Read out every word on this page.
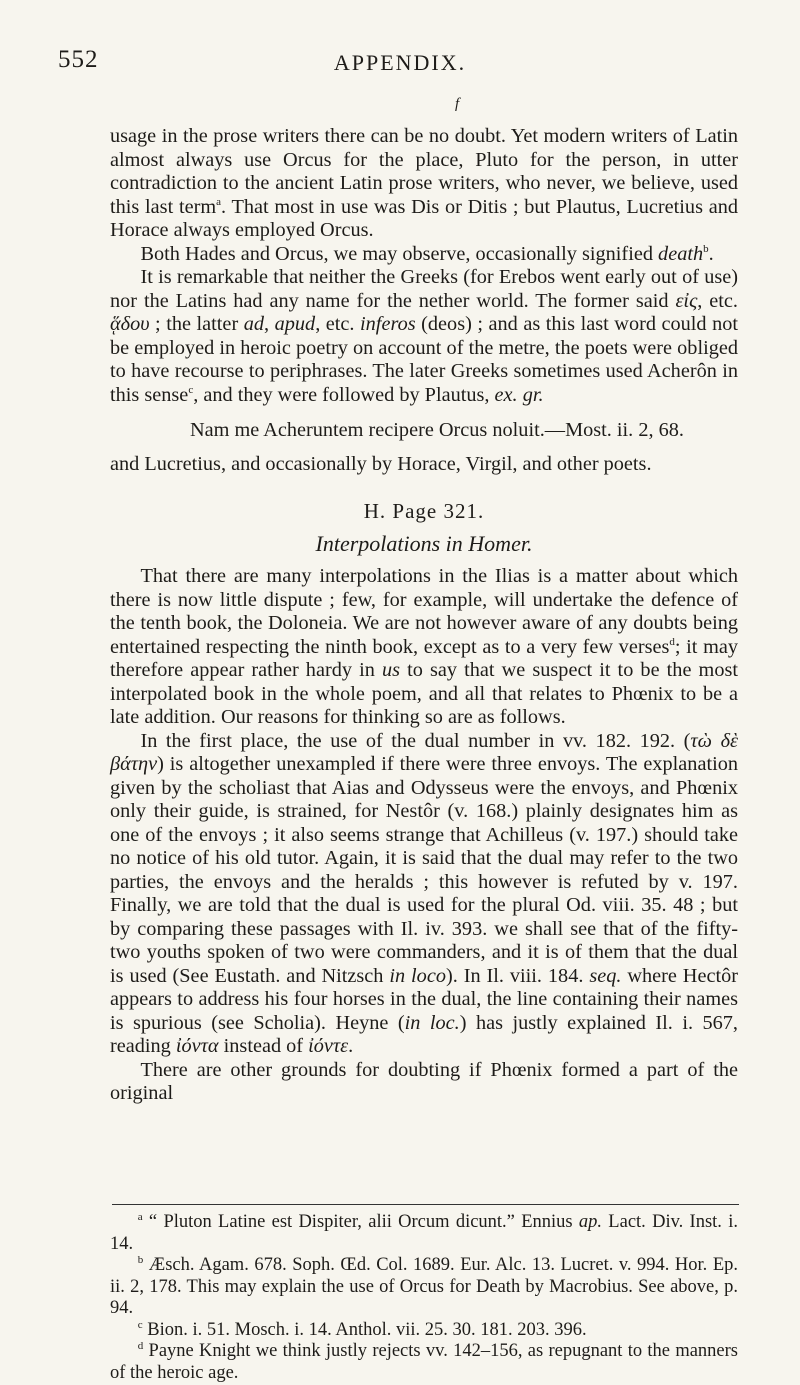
552	APPENDIX.
f

usage in the prose writers there can be no doubt. Yet modern writers of Latin almost always use Orcus for the place, Pluto for the person, in utter contradiction to the ancient Latin prose writers, who never, we believe, used this last term$^a$. That most in use was Dis or Ditis ; but Plautus, Lucretius and Horace always employed Orcus.

Both Hades and Orcus, we may observe, occasionally signified death$^b$.

It is remarkable that neither the Greeks (for Erebos went early out of use) nor the Latins had any name for the nether world. The former said εἰς, etc. ᾅδου ; the latter ad, apud, etc. inferos (deos) ; and as this last word could not be employed in heroic poetry on account of the metre, the poets were obliged to have recourse to periphrases. The later Greeks sometimes used Acherôn in this sense$^c$, and they were followed by Plautus, ex. gr.

Nam me Acheruntem recipere Orcus noluit.—Most. ii. 2, 68.

and Lucretius, and occasionally by Horace, Virgil, and other poets.

H. Page 321.

Interpolations in Homer.

That there are many interpolations in the Ilias is a matter about which there is now little dispute ; few, for example, will undertake the defence of the tenth book, the Doloneia. We are not however aware of any doubts being entertained respecting the ninth book, except as to a very few verses$^d$; it may therefore appear rather hardy in us to say that we suspect it to be the most interpolated book in the whole poem, and all that relates to Phœnix to be a late addition. Our reasons for thinking so are as follows.

In the first place, the use of the dual number in vv. 182. 192. (τὼ δὲ βάτην) is altogether unexampled if there were three envoys. The explanation given by the scholiast that Aias and Odysseus were the envoys, and Phœnix only their guide, is strained, for Nestôr (v. 168.) plainly designates him as one of the envoys ; it also seems strange that Achilleus (v. 197.) should take no notice of his old tutor. Again, it is said that the dual may refer to the two parties, the envoys and the heralds ; this however is refuted by v. 197. Finally, we are told that the dual is used for the plural Od. viii. 35. 48 ; but by comparing these passages with Il. iv. 393. we shall see that of the fifty-two youths spoken of two were commanders, and it is of them that the dual is used (See Eustath. and Nitzsch in loco). In Il. viii. 184. seq. where Hectôr appears to address his four horses in the dual, the line containing their names is spurious (see Scholia). Heyne (in loc.) has justly explained Il. i. 567, reading ἰόντα instead of ἰόντε.

There are other grounds for doubting if Phœnix formed a part of the original

$^a$ “ Pluton Latine est Dispiter, alii Orcum dicunt.” Ennius ap. Lact. Div. Inst. i. 14.

$^b$ Æsch. Agam. 678. Soph. Œd. Col. 1689. Eur. Alc. 13. Lucret. v. 994. Hor. Ep. ii. 2, 178. This may explain the use of Orcus for Death by Macrobius. See above, p. 94.

$^c$ Bion. i. 51. Mosch. i. 14. Anthol. vii. 25. 30. 181. 203. 396.

$^d$ Payne Knight we think justly rejects vv. 142–156, as repugnant to the manners of the heroic age.
